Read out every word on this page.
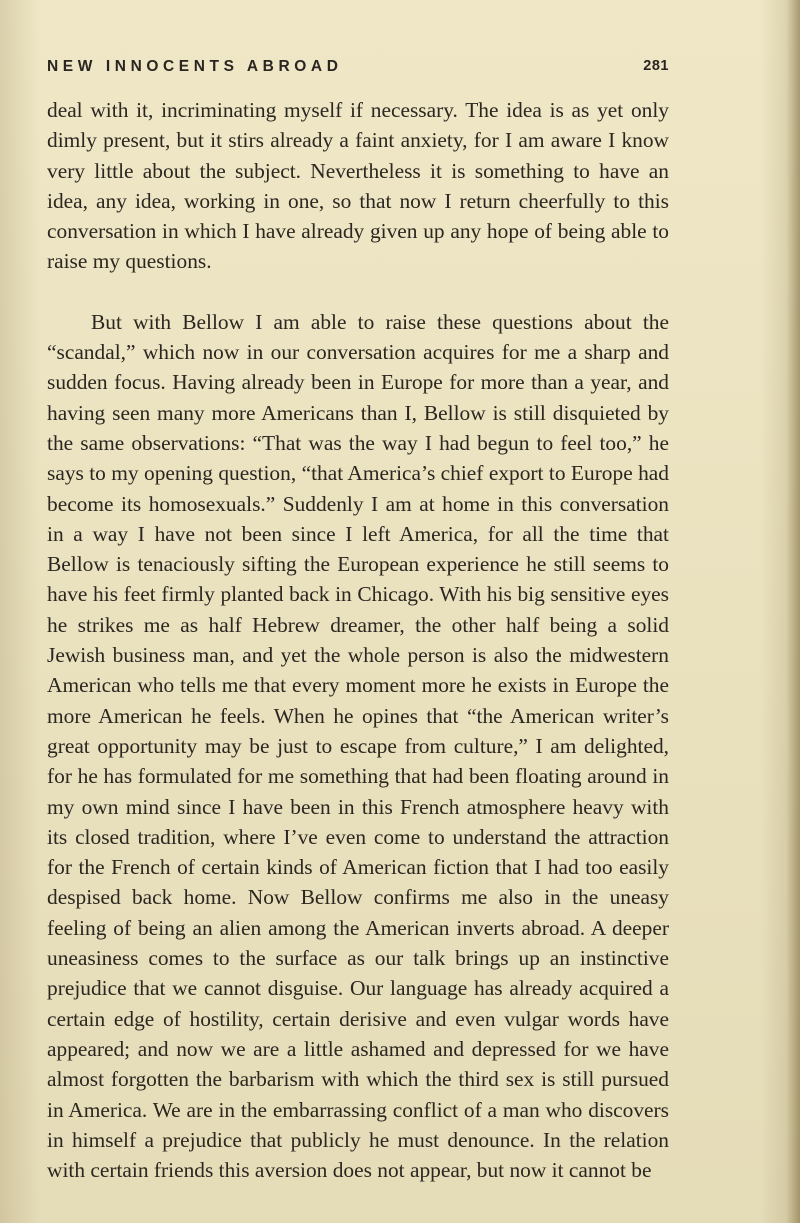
NEW INNOCENTS ABROAD	281

deal with it, incriminating myself if necessary. The idea is as yet only dimly present, but it stirs already a faint anxiety, for I am aware I know very little about the subject. Nevertheless it is something to have an idea, any idea, working in one, so that now I return cheerfully to this conversation in which I have already given up any hope of being able to raise my questions.

But with Bellow I am able to raise these questions about the “scandal,” which now in our conversation acquires for me a sharp and sudden focus. Having already been in Europe for more than a year, and having seen many more Americans than I, Bellow is still disquieted by the same observations: “That was the way I had begun to feel too,” he says to my opening question, “that America’s chief export to Europe had become its homosexuals.” Suddenly I am at home in this conversation in a way I have not been since I left America, for all the time that Bellow is tenaciously sifting the European experience he still seems to have his feet firmly planted back in Chicago. With his big sensitive eyes he strikes me as half Hebrew dreamer, the other half being a solid Jewish business man, and yet the whole person is also the midwestern American who tells me that every moment more he exists in Europe the more American he feels. When he opines that “the American writer’s great opportunity may be just to escape from culture,” I am delighted, for he has formulated for me something that had been floating around in my own mind since I have been in this French atmosphere heavy with its closed tradition, where I’ve even come to understand the attraction for the French of certain kinds of American fiction that I had too easily despised back home. Now Bellow confirms me also in the uneasy feeling of being an alien among the American inverts abroad. A deeper uneasiness comes to the surface as our talk brings up an instinctive prejudice that we cannot disguise. Our language has already acquired a certain edge of hostility, certain derisive and even vulgar words have appeared; and now we are a little ashamed and depressed for we have almost forgotten the barbarism with which the third sex is still pursued in America. We are in the embarrassing conflict of a man who discovers in himself a prejudice that publicly he must denounce. In the relation with certain friends this aversion does not appear, but now it cannot be
